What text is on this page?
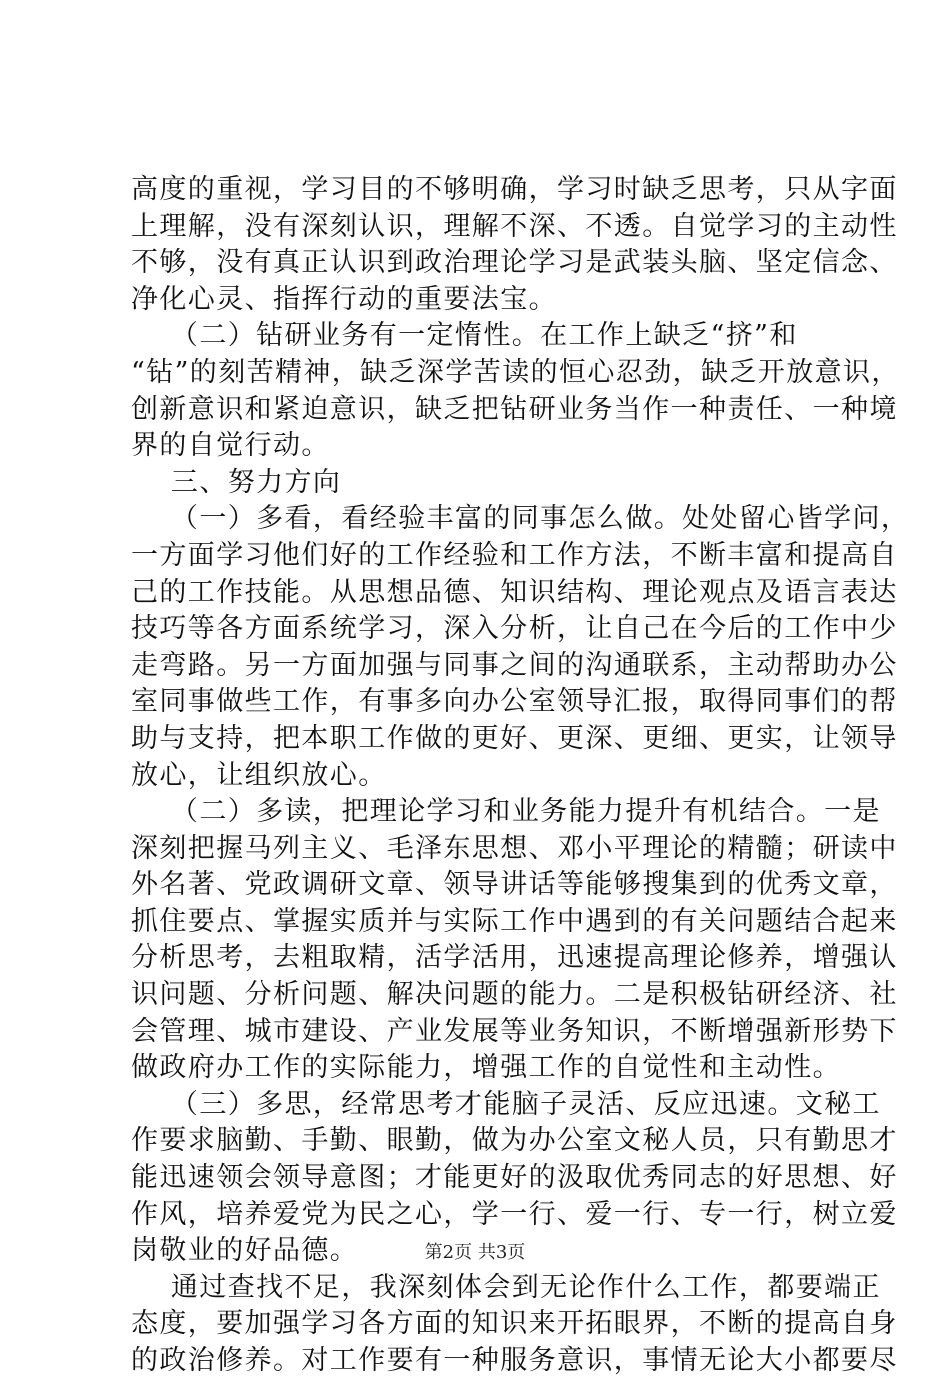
高度的重视，学习目的不够明确，学习时缺乏思考，只从字面
上理解，没有深刻认识，理解不深、不透。自觉学习的主动性
不够，没有真正认识到政治理论学习是武装头脑、坚定信念、
净化心灵、指挥行动的重要法宝。
（二）钻研业务有一定惰性。在工作上缺乏“挤”和
“钻”的刻苦精神，缺乏深学苦读的恒心忍劲，缺乏开放意识，
创新意识和紧迫意识，缺乏把钻研业务当作一种责任、一种境
界的自觉行动。
三、努力方向
（一）多看，看经验丰富的同事怎么做。处处留心皆学问，
一方面学习他们好的工作经验和工作方法，不断丰富和提高自
己的工作技能。从思想品德、知识结构、理论观点及语言表达
技巧等各方面系统学习，深入分析，让自己在今后的工作中少
走弯路。另一方面加强与同事之间的沟通联系，主动帮助办公
室同事做些工作，有事多向办公室领导汇报，取得同事们的帮
助与支持，把本职工作做的更好、更深、更细、更实，让领导
放心，让组织放心。
（二）多读，把理论学习和业务能力提升有机结合。一是
深刻把握马列主义、毛泽东思想、邓小平理论的精髓；研读中
外名著、党政调研文章、领导讲话等能够搜集到的优秀文章，
抓住要点、掌握实质并与实际工作中遇到的有关问题结合起来
分析思考，去粗取精，活学活用，迅速提高理论修养，增强认
识问题、分析问题、解决问题的能力。二是积极钻研经济、社
会管理、城市建设、产业发展等业务知识，不断增强新形势下
做政府办工作的实际能力，增强工作的自觉性和主动性。
（三）多思，经常思考才能脑子灵活、反应迅速。文秘工
作要求脑勤、手勤、眼勤，做为办公室文秘人员，只有勤思才
能迅速领会领导意图；才能更好的汲取优秀同志的好思想、好
作风，培养爱党为民之心，学一行、爱一行、专一行，树立爱
岗敬业的好品德。
通过查找不足，我深刻体会到无论作什么工作，都要端正
态度，要加强学习各方面的知识来开拓眼界，不断的提高自身
的政治修养。对工作要有一种服务意识，事情无论大小都要尽
第2页 共3页
